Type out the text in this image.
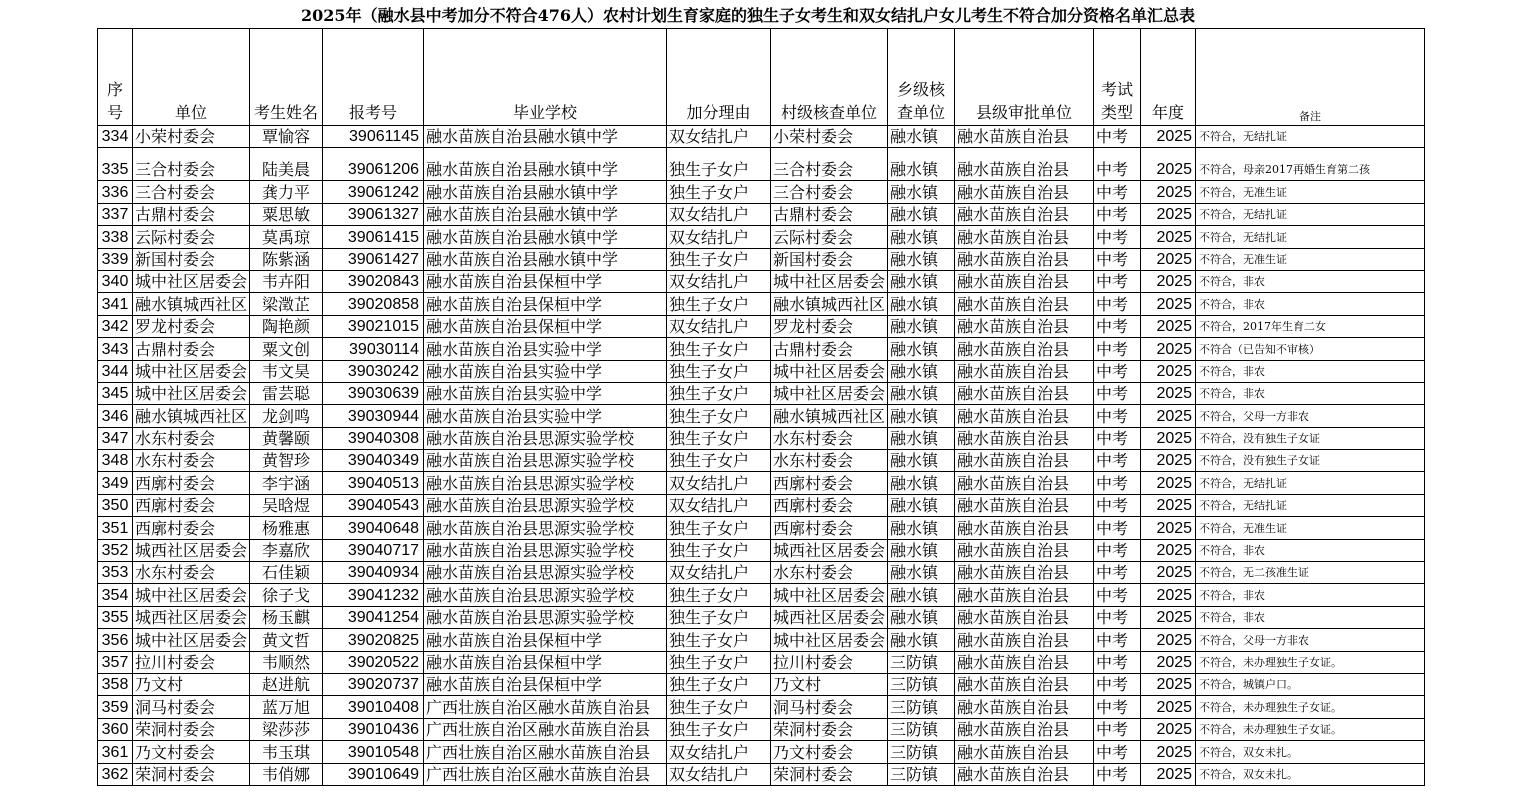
2025年（融水县中考加分不符合476人）农村计划生育家庭的独生子女考生和双女结扎户女儿考生不符合加分资格名单汇总表
序号	单位	考生姓名	报考号	毕业学校	加分理由	村级核查单位	乡级核查单位	县级审批单位	考试类型	年度	备注
334	小荣村委会	覃愉容	39061145	融水苗族自治县融水镇中学	双女结扎户	小荣村委会	融水镇	融水苗族自治县	中考	2025	不符合，无结扎证
335	三合村委会	陆美晨	39061206	融水苗族自治县融水镇中学	独生子女户	三合村委会	融水镇	融水苗族自治县	中考	2025	不符合，母亲2017再婚生育第二孩
336	三合村委会	龚力平	39061242	融水苗族自治县融水镇中学	独生子女户	三合村委会	融水镇	融水苗族自治县	中考	2025	不符合，无准生证
337	古鼎村委会	粟思敏	39061327	融水苗族自治县融水镇中学	双女结扎户	古鼎村委会	融水镇	融水苗族自治县	中考	2025	不符合，无结扎证
338	云际村委会	莫禹琼	39061415	融水苗族自治县融水镇中学	双女结扎户	云际村委会	融水镇	融水苗族自治县	中考	2025	不符合，无结扎证
339	新国村委会	陈紫涵	39061427	融水苗族自治县融水镇中学	独生子女户	新国村委会	融水镇	融水苗族自治县	中考	2025	不符合，无准生证
340	城中社区居委会	韦卉阳	39020843	融水苗族自治县保桓中学	双女结扎户	城中社区居委会	融水镇	融水苗族自治县	中考	2025	不符合，非农
341	融水镇城西社区	梁澂芷	39020858	融水苗族自治县保桓中学	独生子女户	融水镇城西社区	融水镇	融水苗族自治县	中考	2025	不符合，非农
342	罗龙村委会	陶艳颜	39021015	融水苗族自治县保桓中学	双女结扎户	罗龙村委会	融水镇	融水苗族自治县	中考	2025	不符合，2017年生育二女
343	古鼎村委会	粟文创	39030114	融水苗族自治县实验中学	独生子女户	古鼎村委会	融水镇	融水苗族自治县	中考	2025	不符合（已告知不审核）
344	城中社区居委会	韦文昊	39030242	融水苗族自治县实验中学	独生子女户	城中社区居委会	融水镇	融水苗族自治县	中考	2025	不符合，非农
345	城中社区居委会	雷芸聪	39030639	融水苗族自治县实验中学	独生子女户	城中社区居委会	融水镇	融水苗族自治县	中考	2025	不符合，非农
346	融水镇城西社区	龙剑鸣	39030944	融水苗族自治县实验中学	独生子女户	融水镇城西社区	融水镇	融水苗族自治县	中考	2025	不符合，父母一方非农
347	水东村委会	黄馨颐	39040308	融水苗族自治县思源实验学校	独生子女户	水东村委会	融水镇	融水苗族自治县	中考	2025	不符合，没有独生子女证
348	水东村委会	黄智珍	39040349	融水苗族自治县思源实验学校	独生子女户	水东村委会	融水镇	融水苗族自治县	中考	2025	不符合，没有独生子女证
349	西廓村委会	李宇涵	39040513	融水苗族自治县思源实验学校	双女结扎户	西廓村委会	融水镇	融水苗族自治县	中考	2025	不符合，无结扎证
350	西廓村委会	吴晗煜	39040543	融水苗族自治县思源实验学校	双女结扎户	西廓村委会	融水镇	融水苗族自治县	中考	2025	不符合，无结扎证
351	西廓村委会	杨雅惠	39040648	融水苗族自治县思源实验学校	独生子女户	西廓村委会	融水镇	融水苗族自治县	中考	2025	不符合，无准生证
352	城西社区居委会	李嘉欣	39040717	融水苗族自治县思源实验学校	独生子女户	城西社区居委会	融水镇	融水苗族自治县	中考	2025	不符合，非农
353	水东村委会	石佳颖	39040934	融水苗族自治县思源实验学校	双女结扎户	水东村委会	融水镇	融水苗族自治县	中考	2025	不符合，无二孩准生证
354	城中社区居委会	徐子戈	39041232	融水苗族自治县思源实验学校	独生子女户	城中社区居委会	融水镇	融水苗族自治县	中考	2025	不符合，非农
355	城西社区居委会	杨玉麒	39041254	融水苗族自治县思源实验学校	独生子女户	城西社区居委会	融水镇	融水苗族自治县	中考	2025	不符合，非农
356	城中社区居委会	黄文哲	39020825	融水苗族自治县保桓中学	独生子女户	城中社区居委会	融水镇	融水苗族自治县	中考	2025	不符合，父母一方非农
357	拉川村委会	韦顺然	39020522	融水苗族自治县保桓中学	独生子女户	拉川村委会	三防镇	融水苗族自治县	中考	2025	不符合，未办理独生子女证。
358	乃文村	赵进航	39020737	融水苗族自治县保桓中学	独生子女户	乃文村	三防镇	融水苗族自治县	中考	2025	不符合，城镇户口。
359	洞马村委会	蓝万旭	39010408	广西壮族自治区融水苗族自治县	独生子女户	洞马村委会	三防镇	融水苗族自治县	中考	2025	不符合，未办理独生子女证。
360	荣洞村委会	梁莎莎	39010436	广西壮族自治区融水苗族自治县	独生子女户	荣洞村委会	三防镇	融水苗族自治县	中考	2025	不符合，未办理独生子女证。
361	乃文村委会	韦玉琪	39010548	广西壮族自治区融水苗族自治县	双女结扎户	乃文村委会	三防镇	融水苗族自治县	中考	2025	不符合，双女未扎。
362	荣洞村委会	韦俏娜	39010649	广西壮族自治区融水苗族自治县	双女结扎户	荣洞村委会	三防镇	融水苗族自治县	中考	2025	不符合，双女未扎。
